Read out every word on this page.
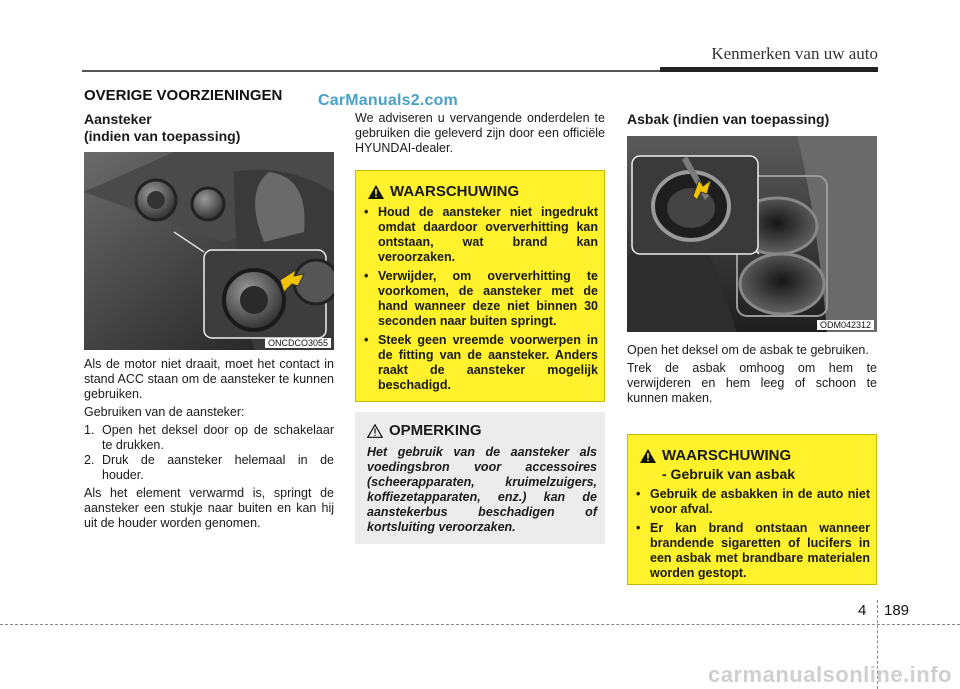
Kenmerken van uw auto
OVERIGE VOORZIENINGEN CarManuals2.com
Aansteker
(indien van toepassing)
ONCDCO3055

Als de motor niet draait, moet het contact in stand ACC staan om de aansteker te kunnen gebruiken.

Gebruiken van de aansteker:

1. Open het deksel door op de schakelaar te drukken.
2. Druk de aansteker helemaal in de houder.

Als het element verwarmd is, springt de aansteker een stukje naar buiten en kan hij uit de houder worden genomen.

We adviseren u vervangende onderdelen te gebruiken die geleverd zijn door een officiële HYUNDAI-dealer.
WAARSCHUWING
• Houd de aansteker niet ingedrukt omdat daardoor oververhitting kan ontstaan, wat brand kan veroorzaken.
• Verwijder, om oververhitting te voorkomen, de aansteker met de hand wanneer deze niet binnen 30 seconden naar buiten springt.
• Steek geen vreemde voorwerpen in de fitting van de aansteker. Anders raakt de aansteker mogelijk beschadigd.
OPMERKING
Het gebruik van de aansteker als voedingsbron voor accessoires (scheerapparaten, kruimelzuigers, koffiezetapparaten, enz.) kan de aanstekerbus beschadigen of kortsluiting veroorzaken.
Asbak (indien van toepassing)
ODM042312

Open het deksel om de asbak te gebruiken.

Trek de asbak omhoog om hem te verwijderen en hem leeg of schoon te kunnen maken.

WAARSCHUWING
- Gebruik van asbak
• Gebruik de asbakken in de auto niet voor afval.
• Er kan brand ontstaan wanneer brandende sigaretten of lucifers in een asbak met brandbare materialen worden gestopt.
4 189
carmanualsonline.info
